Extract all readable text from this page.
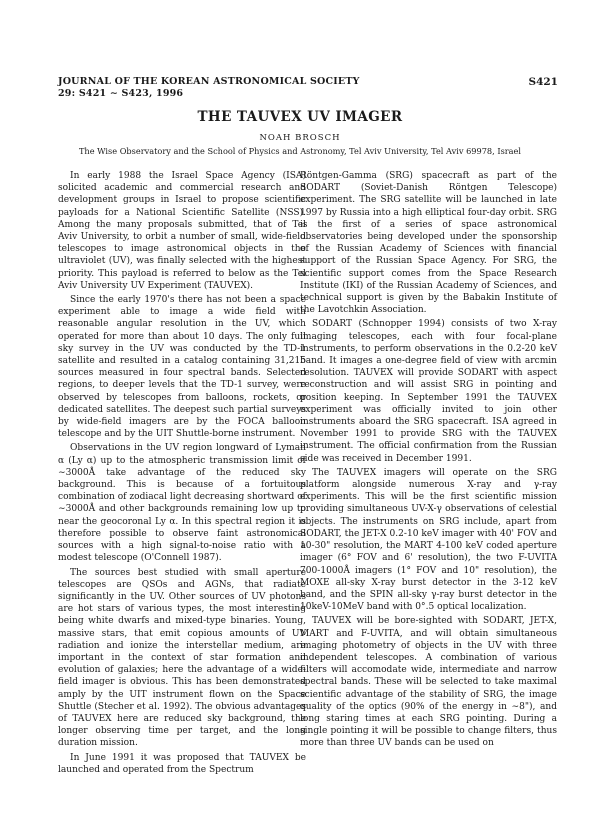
JOURNAL OF THE KOREAN ASTRONOMICAL SOCIETY
29: S421 ∼ S423, 1996
S421
THE TAUVEX UV IMAGER
NOAH BROSCH
The Wise Observatory and the School of Physics and Astronomy, Tel Aviv University, Tel Aviv 69978, Israel

In early 1988 the Israel Space Agency (ISA) solicited academic and commercial research and development groups in Israel to propose scientific payloads for a National Scientific Satellite (NSS). Among the many proposals submitted, that of Tel Aviv University, to orbit a number of small, wide-field telescopes to image astronomical objects in the ultraviolet (UV), was finally selected with the highest priority. This payload is referred to below as the Tel Aviv University UV Experiment (TAUVEX).

Since the early 1970's there has not been a space experiment able to image a wide field with reasonable angular resolution in the UV, which operated for more than about 10 days. The only full sky survey in the UV was conducted by the TD-1 satellite and resulted in a catalog containing 31,215 sources measured in four spectral bands. Selected regions, to deeper levels that the TD-1 survey, were observed by telescopes from balloons, rockets, or dedicated satellites. The deepest such partial surveys by wide-field imagers are by the FOCA balloon telescope and by the UIT Shuttle-borne instrument.

Observations in the UV region longward of Lyman α (Ly α) up to the atmospheric transmission limit of ∼3000Å take advantage of the reduced sky background. This is because of a fortuitous combination of zodiacal light decreasing shortward of ∼3000Å and other backgrounds remaining low up to near the geocoronal Ly α. In this spectral region it is therefore possible to observe faint astronomical sources with a high signal-to-noise ratio with a modest telescope (O'Connell 1987).

The sources best studied with small aperture telescopes are QSOs and AGNs, that radiate significantly in the UV. Other sources of UV photons are hot stars of various types, the most interesting being white dwarfs and mixed-type binaries. Young, massive stars, that emit copious amounts of UV radiation and ionize the interstellar medium, are important in the context of star formation and evolution of galaxies; here the advantage of a wide-field imager is obvious. This has been demonstrated amply by the UIT instrument flown on the Space Shuttle (Stecher et al. 1992). The obvious advantages of TAUVEX here are reduced sky background, the longer observing time per target, and the long duration mission.

In June 1991 it was proposed that TAUVEX be launched and operated from the Spectrum

Röntgen-Gamma (SRG) spacecraft as part of the SODART (Soviet-Danish Röntgen Telescope) experiment. The SRG satellite will be launched in late 1997 by Russia into a high elliptical four-day orbit. SRG is the first of a series of space astronomical observatories being developed under the sponsorship of the Russian Academy of Sciences with financial support of the Russian Space Agency. For SRG, the scientific support comes from the Space Research Institute (IKI) of the Russian Academy of Sciences, and technical support is given by the Babakin Institute of the Lavotchkin Association.

SODART (Schnopper 1994) consists of two X-ray imaging telescopes, each with four focal-plane instruments, to perform observations in the 0.2-20 keV band. It images a one-degree field of view with arcmin resolution. TAUVEX will provide SODART with aspect reconstruction and will assist SRG in pointing and position keeping. In September 1991 the TAUVEX experiment was officially invited to join other instruments aboard the SRG spacecraft. ISA agreed in November 1991 to provide SRG with the TAUVEX instrument. The official confirmation from the Russian side was received in December 1991.

The TAUVEX imagers will operate on the SRG platform alongside numerous X-ray and γ-ray experiments. This will be the first scientific mission providing simultaneous UV-X-γ observations of celestial objects. The instruments on SRG include, apart from SODART, the JET-X 0.2-10 keV imager with 40' FOV and 10-30" resolution, the MART 4-100 keV coded aperture imager (6° FOV and 6' resolution), the two F-UVITA 700-1000Å imagers (1° FOV and 10" resolution), the MOXE all-sky X-ray burst detector in the 3-12 keV band, and the SPIN all-sky γ-ray burst detector in the 10keV-10MeV band with 0°.5 optical localization.

TAUVEX will be bore-sighted with SODART, JET-X, MART and F-UVITA, and will obtain simultaneous imaging photometry of objects in the UV with three independent telescopes. A combination of various filters will accomodate wide, intermediate and narrow spectral bands. These will be selected to take maximal scientific advantage of the stability of SRG, the image quality of the optics (90% of the energy in ∼8"), and long staring times at each SRG pointing. During a single pointing it will be possible to change filters, thus more than three UV bands can be used on
